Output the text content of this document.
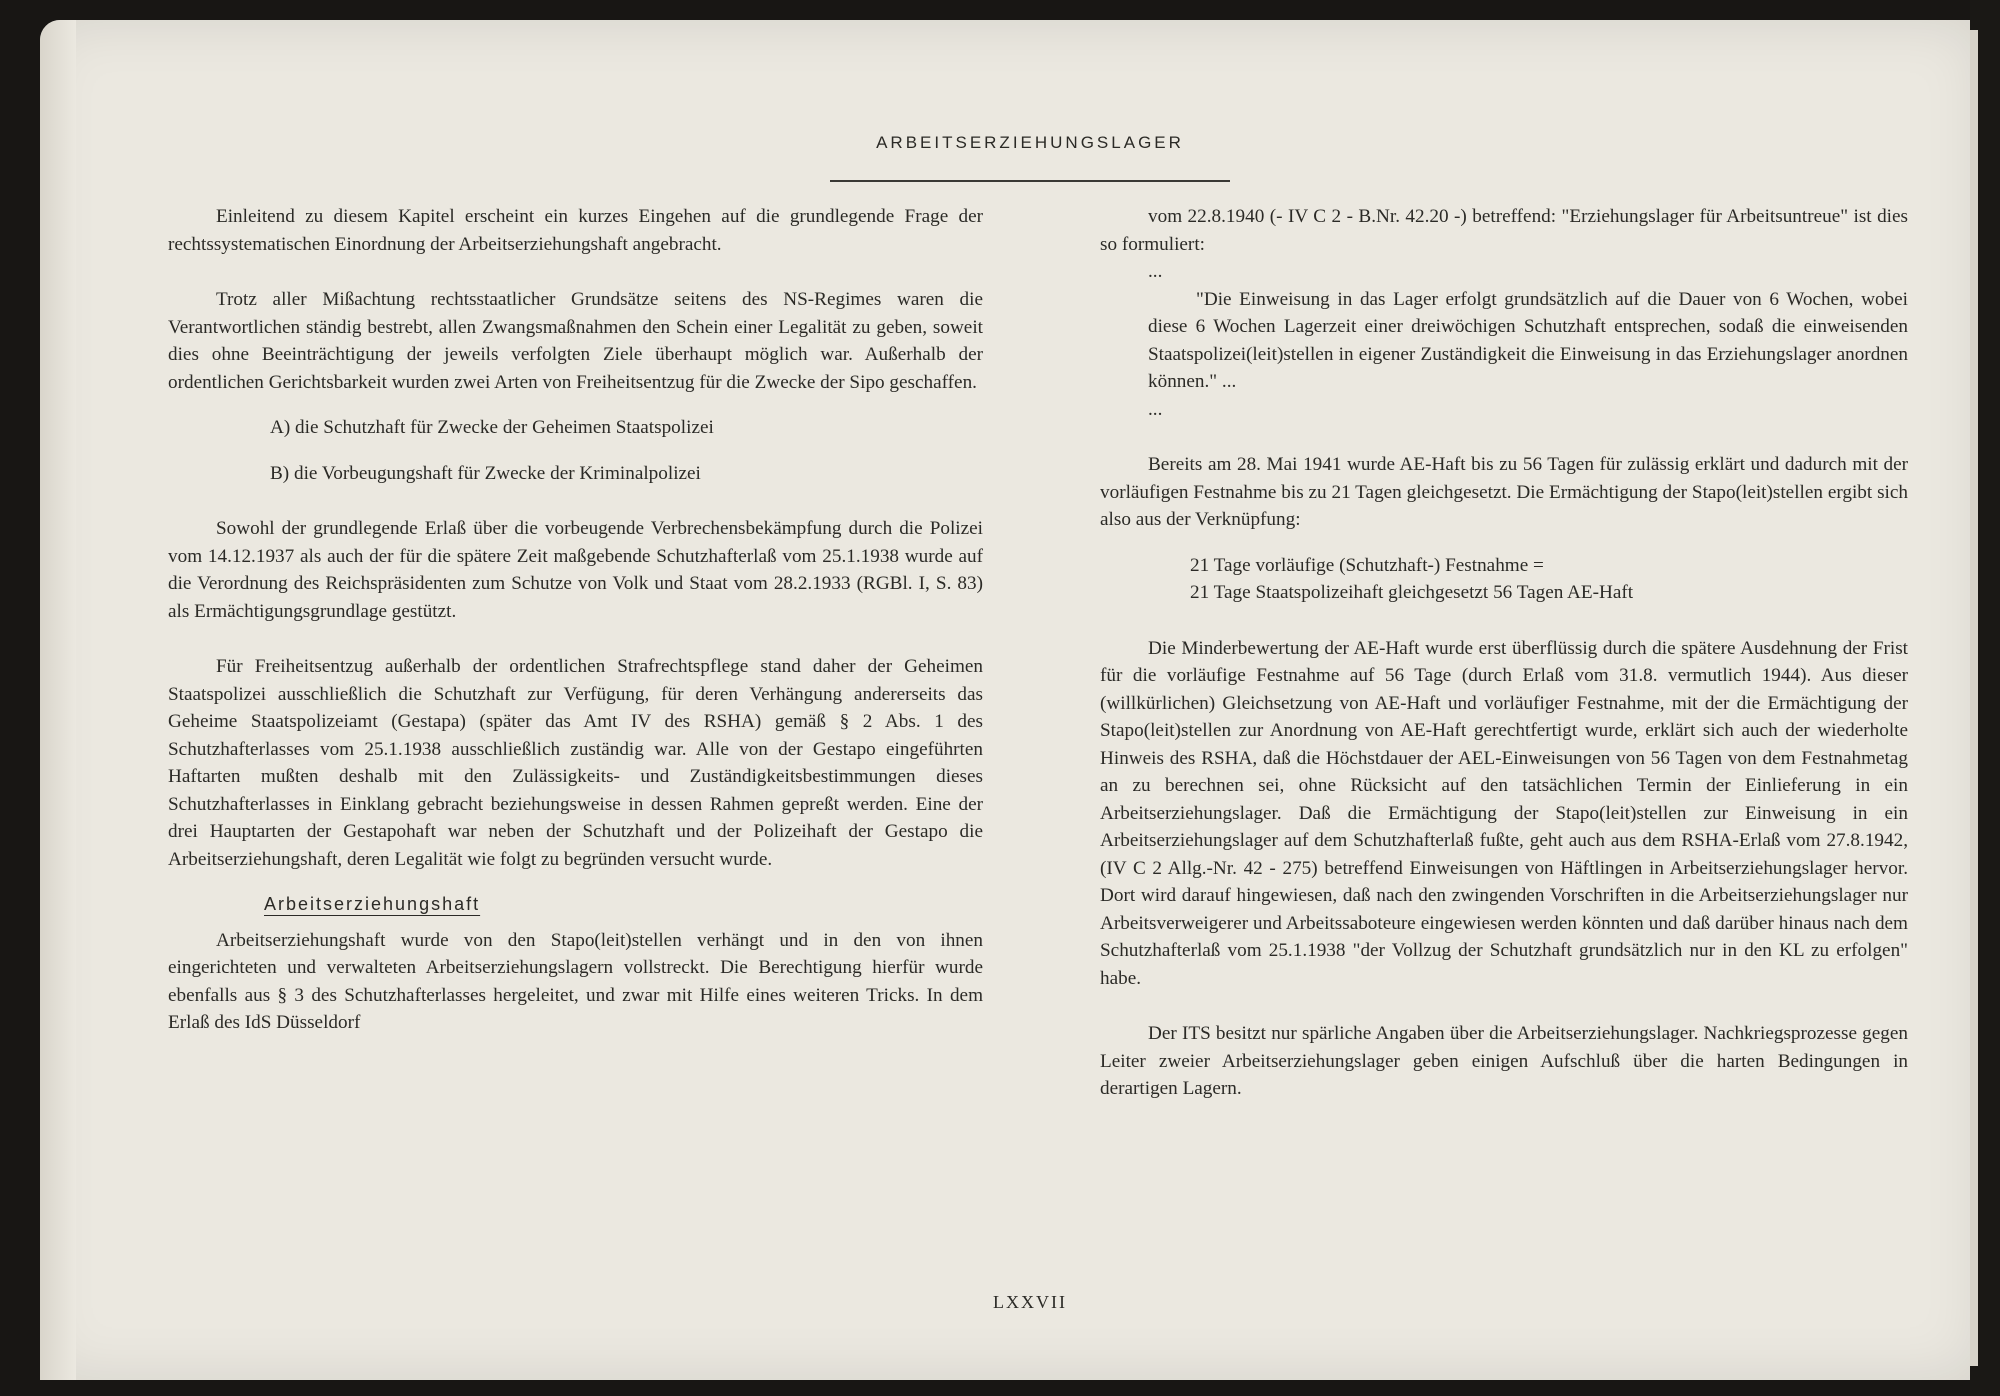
ARBEITSERZIEHUNGSLAGER

Einleitend zu diesem Kapitel erscheint ein kurzes Eingehen auf die grundlegende Frage der rechtssystematischen Einordnung der Arbeitserziehungshaft angebracht.

Trotz aller Mißachtung rechtsstaatlicher Grundsätze seitens des NS-Regimes waren die Verantwortlichen ständig bestrebt, allen Zwangsmaßnahmen den Schein einer Legalität zu geben, soweit dies ohne Beeinträchtigung der jeweils verfolgten Ziele überhaupt möglich war. Außerhalb der ordentlichen Gerichtsbarkeit wurden zwei Arten von Freiheitsentzug für die Zwecke der Sipo geschaffen.

A) die Schutzhaft für Zwecke der Geheimen Staatspolizei

B) die Vorbeugungshaft für Zwecke der Kriminalpolizei

Sowohl der grundlegende Erlaß über die vorbeugende Verbrechensbekämpfung durch die Polizei vom 14.12.1937 als auch der für die spätere Zeit maßgebende Schutzhafterlaß vom 25.1.1938 wurde auf die Verordnung des Reichspräsidenten zum Schutze von Volk und Staat vom 28.2.1933 (RGBl. I, S. 83) als Ermächtigungsgrundlage gestützt.

Für Freiheitsentzug außerhalb der ordentlichen Strafrechtspflege stand daher der Geheimen Staatspolizei ausschließlich die Schutzhaft zur Verfügung, für deren Verhängung andererseits das Geheime Staatspolizeiamt (Gestapa) (später das Amt IV des RSHA) gemäß § 2 Abs. 1 des Schutzhafterlasses vom 25.1.1938 ausschließlich zuständig war. Alle von der Gestapo eingeführten Haftarten mußten deshalb mit den Zulässigkeits- und Zuständigkeitsbestimmungen dieses Schutzhafterlasses in Einklang gebracht beziehungsweise in dessen Rahmen gepreßt werden. Eine der drei Hauptarten der Gestapohaft war neben der Schutzhaft und der Polizeihaft der Gestapo die Arbeitserziehungshaft, deren Legalität wie folgt zu begründen versucht wurde.

Arbeitserziehungshaft

Arbeitserziehungshaft wurde von den Stapo(leit)stellen verhängt und in den von ihnen eingerichteten und verwalteten Arbeitserziehungslagern vollstreckt. Die Berechtigung hierfür wurde ebenfalls aus § 3 des Schutzhafterlasses hergeleitet, und zwar mit Hilfe eines weiteren Tricks. In dem Erlaß des IdS Düsseldorf

vom 22.8.1940 (- IV C 2 - B.Nr. 42.20 -) betreffend: "Erziehungslager für Arbeitsuntreue" ist dies so formuliert:

...

"Die Einweisung in das Lager erfolgt grundsätzlich auf die Dauer von 6 Wochen, wobei diese 6 Wochen Lagerzeit einer dreiwöchigen Schutzhaft entsprechen, sodaß die einweisenden Staatspolizei(leit)stellen in eigener Zuständigkeit die Einweisung in das Erziehungslager anordnen können." ...

...

Bereits am 28. Mai 1941 wurde AE-Haft bis zu 56 Tagen für zulässig erklärt und dadurch mit der vorläufigen Festnahme bis zu 21 Tagen gleichgesetzt. Die Ermächtigung der Stapo(leit)stellen ergibt sich also aus der Verknüpfung:

21 Tage vorläufige (Schutzhaft-) Festnahme =

21 Tage Staatspolizeihaft gleichgesetzt 56 Tagen AE-Haft

Die Minderbewertung der AE-Haft wurde erst überflüssig durch die spätere Ausdehnung der Frist für die vorläufige Festnahme auf 56 Tage (durch Erlaß vom 31.8. vermutlich 1944). Aus dieser (willkürlichen) Gleichsetzung von AE-Haft und vorläufiger Festnahme, mit der die Ermächtigung der Stapo(leit)stellen zur Anordnung von AE-Haft gerechtfertigt wurde, erklärt sich auch der wiederholte Hinweis des RSHA, daß die Höchstdauer der AEL-Einweisungen von 56 Tagen von dem Festnahmetag an zu berechnen sei, ohne Rücksicht auf den tatsächlichen Termin der Einlieferung in ein Arbeitserziehungslager. Daß die Ermächtigung der Stapo(leit)stellen zur Einweisung in ein Arbeitserziehungslager auf dem Schutzhafterlaß fußte, geht auch aus dem RSHA-Erlaß vom 27.8.1942, (IV C 2 Allg.-Nr. 42 - 275) betreffend Einweisungen von Häftlingen in Arbeitserziehungslager hervor. Dort wird darauf hingewiesen, daß nach den zwingenden Vorschriften in die Arbeitserziehungslager nur Arbeitsverweigerer und Arbeitssaboteure eingewiesen werden könnten und daß darüber hinaus nach dem Schutzhafterlaß vom 25.1.1938 "der Vollzug der Schutzhaft grundsätzlich nur in den KL zu erfolgen" habe.

Der ITS besitzt nur spärliche Angaben über die Arbeitserziehungslager. Nachkriegsprozesse gegen Leiter zweier Arbeitserziehungslager geben einigen Aufschluß über die harten Bedingungen in derartigen Lagern.

LXXVII
